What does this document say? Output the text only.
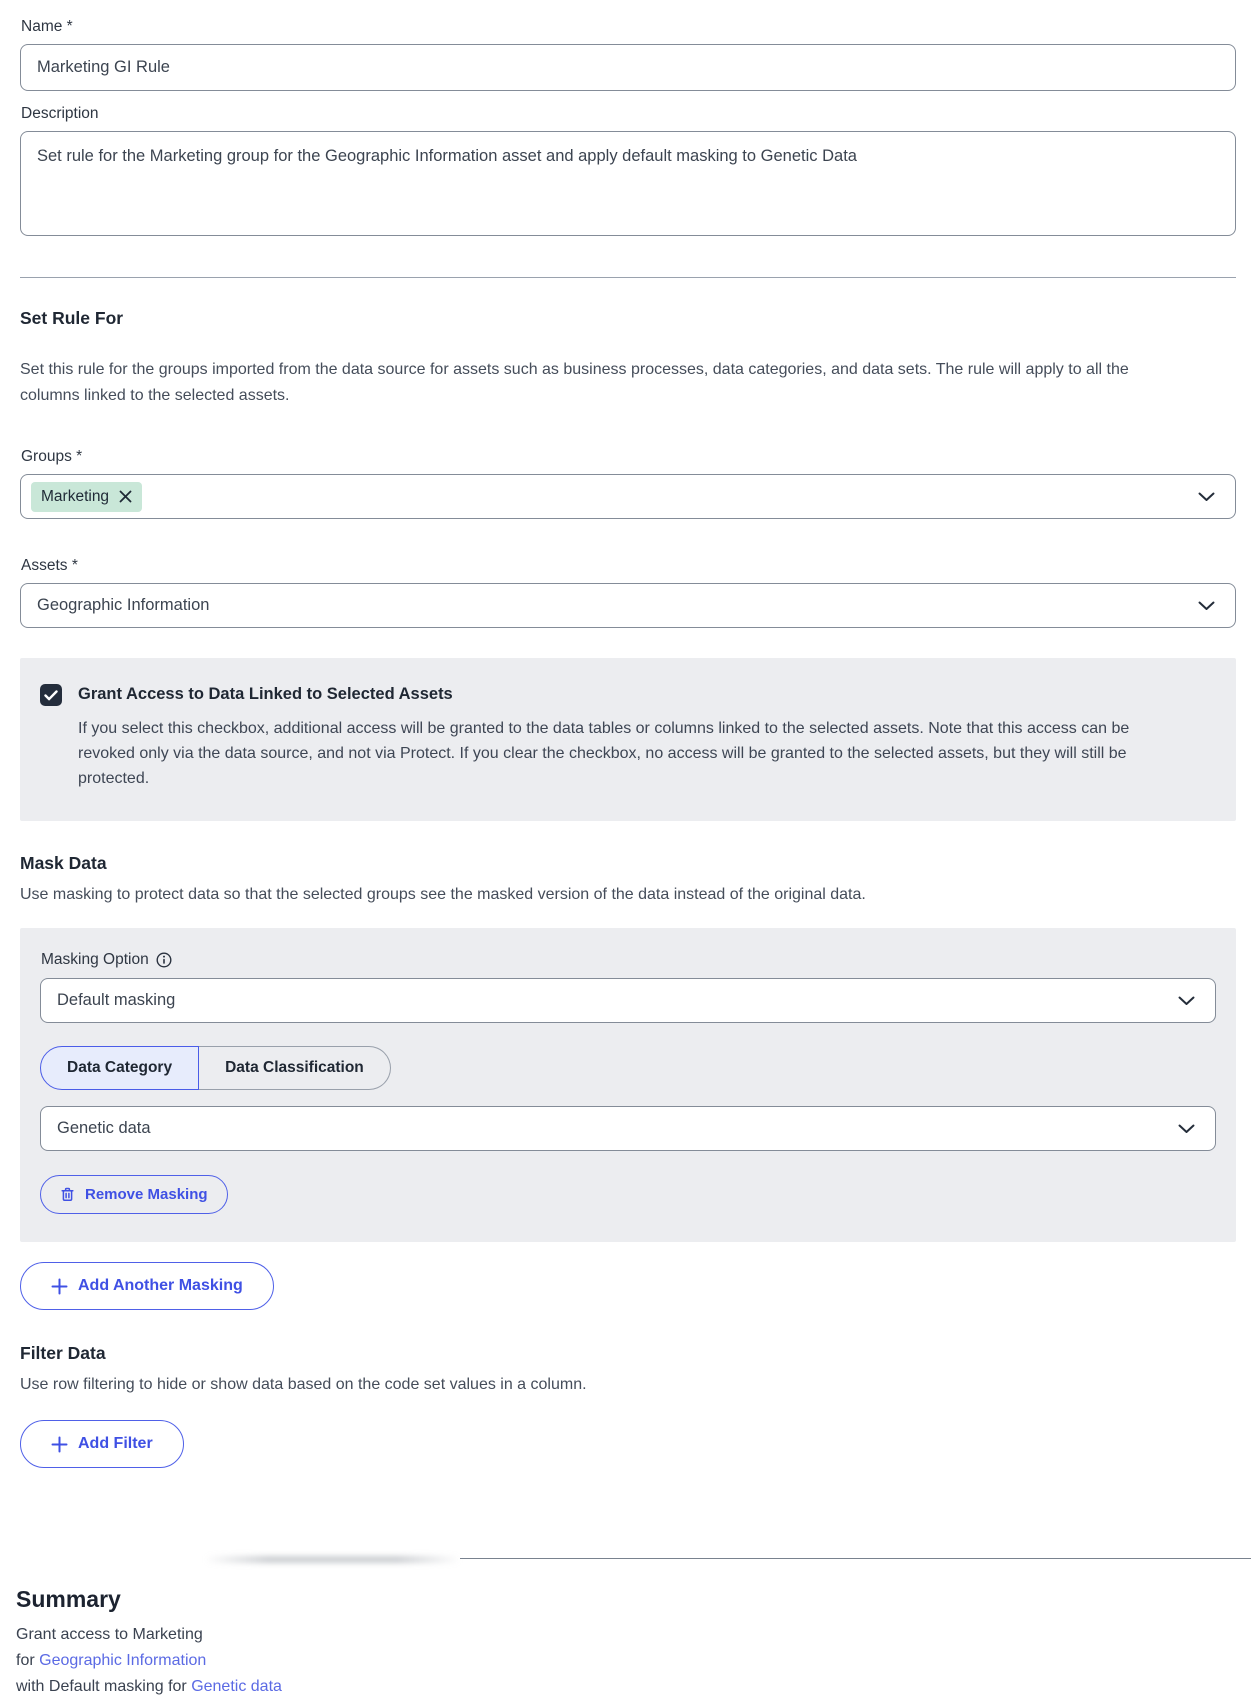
Name *
Marketing GI Rule
Description
Set rule for the Marketing group for the Geographic Information asset and apply default masking to Genetic Data
Set Rule For

Set this rule for the groups imported from the data source for assets such as business processes, data categories, and data sets. The rule will apply to all the columns linked to the selected assets.

Groups *
Marketing
Assets *
Geographic Information
Grant Access to Data Linked to Selected Assets

If you select this checkbox, additional access will be granted to the data tables or columns linked to the selected assets. Note that this access can be revoked only via the data source, and not via Protect. If you clear the checkbox, no access will be granted to the selected assets, but they will still be protected.

Mask Data

Use masking to protect data so that the selected groups see the masked version of the data instead of the original data.

Masking Option
Default masking
Data Category	Data Classification
Genetic data
Remove Masking
Add Another Masking
Filter Data

Use row filtering to hide or show data based on the code set values in a column.

Add Filter
Summary

Grant access to Marketing

for Geographic Information

with Default masking for Genetic data
